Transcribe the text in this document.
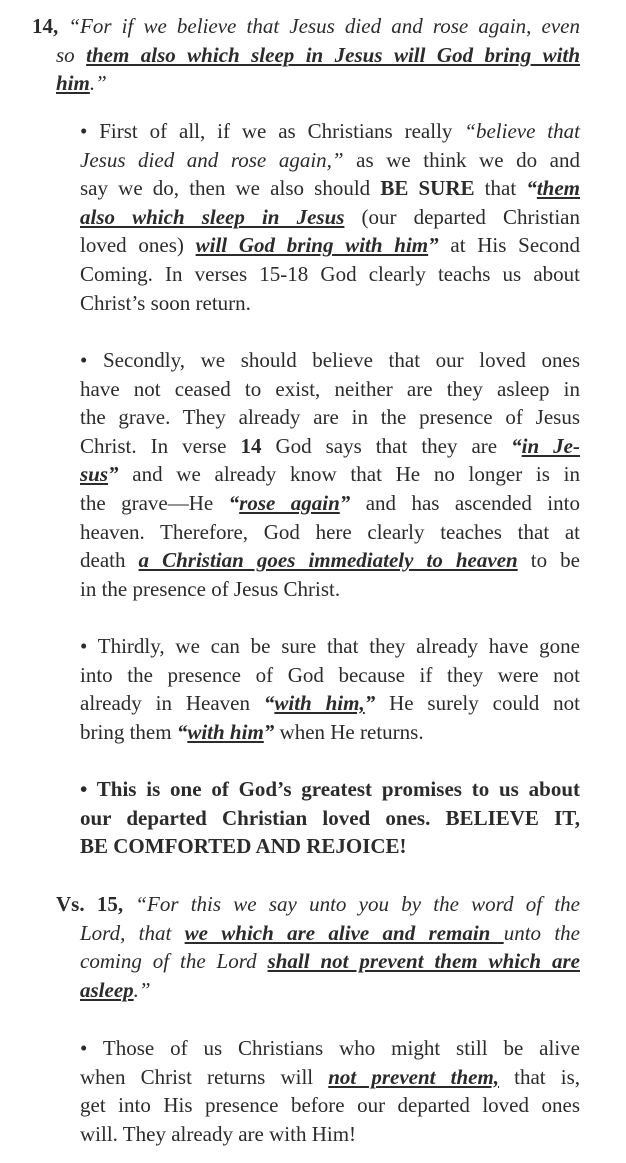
14, “For if we believe that Jesus died and rose again, even
so them also which sleep in Jesus will God bring with
him.”
• First of all, if we as Christians really “believe that
Jesus died and rose again,” as we think we do and
say we do, then we also should BE SURE that “them
also which sleep in Jesus (our departed Christian
loved ones) will God bring with him” at His Second
Coming. In verses 15-18 God clearly teachs us about
Christ’s soon return.
• Secondly, we should believe that our loved ones
have not ceased to exist, neither are they asleep in
the grave. They already are in the presence of Jesus
Christ. In verse 14 God says that they are “in Je-
sus” and we already know that He no longer is in
the grave—He “rose again” and has ascended into
heaven. Therefore, God here clearly teaches that at
death a Christian goes immediately to heaven to be
in the presence of Jesus Christ.
• Thirdly, we can be sure that they already have gone
into the presence of God because if they were not
already in Heaven “with him,” He surely could not
bring them “with him” when He returns.
• This is one of God’s greatest promises to us about
our departed Christian loved ones. BELIEVE IT,
BE COMFORTED AND REJOICE!
Vs. 15, “For this we say unto you by the word of the
Lord, that we which are alive and remain unto the
coming of the Lord shall not prevent them which are
asleep.”
• Those of us Christians who might still be alive
when Christ returns will not prevent them, that is,
get into His presence before our departed loved ones
will. They already are with Him!
